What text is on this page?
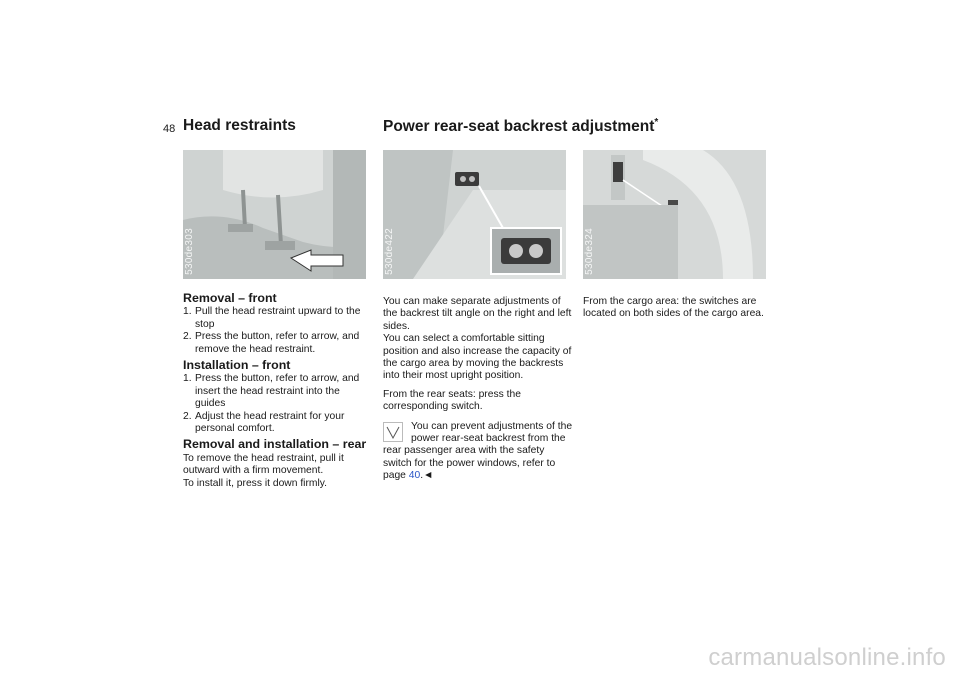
48 Head restraints	Power rear-seat backrest adjustment*
530de303	530de422	530de324
Removal – front
1. Pull the head restraint upward to the stop
2. Press the button, refer to arrow, and remove the head restraint.
Installation – front
1. Press the button, refer to arrow, and insert the head restraint into the guides
2. Adjust the head restraint for your personal comfort.
Removal and installation – rear

To remove the head restraint, pull it outward with a firm movement.

To install it, press it down firmly.

You can make separate adjustments of the backrest tilt angle on the right and left sides.

You can select a comfortable sitting position and also increase the capacity of the cargo area by moving the backrests into their most upright position.

From the rear seats: press the corresponding switch.

You can prevent adjustments of the power rear-seat backrest from the rear passenger area with the safety switch for the power windows, refer to page 40.◄

From the cargo area: the switches are located on both sides of the cargo area.

carmanualsonline.info
